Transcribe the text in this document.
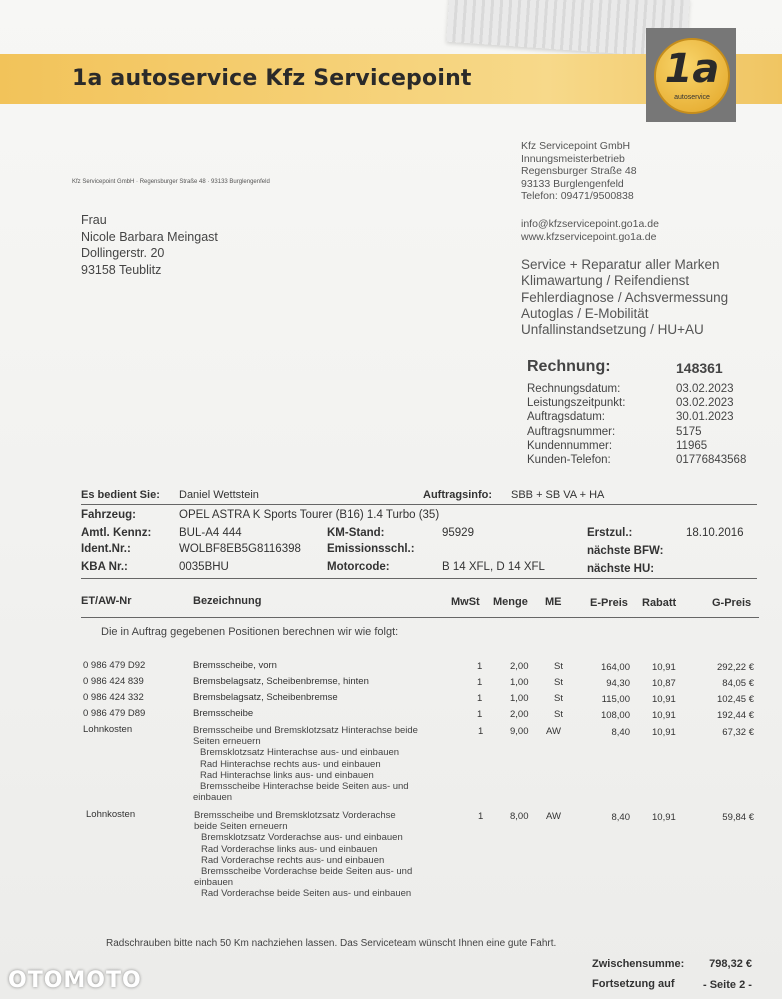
1a autoservice Kfz Servicepoint	1a
autoservice
Kfz Servicepoint GmbH · Regensburger Straße 48 · 93133 Burglengenfeld
Frau
Nicole Barbara Meingast
Dollingerstr. 20
93158 Teublitz
Kfz Servicepoint GmbH
Innungsmeisterbetrieb
Regensburger Straße 48
93133 Burglengenfeld
Telefon: 09471/9500838
info@kfzservicepoint.go1a.de
www.kfzservicepoint.go1a.de
Service + Reparatur aller Marken
Klimawartung / Reifendienst
Fehlerdiagnose / Achsvermessung
Autoglas / E-Mobilität
Unfallinstandsetzung / HU+AU
Rechnung:	148361
Rechnungsdatum:	03.02.2023
Leistungszeitpunkt:	03.02.2023
Auftragsdatum:	30.01.2023
Auftragsnummer:	5175
Kundennummer:	11965
Kunden-Telefon:	01776843568
Es bedient Sie: Daniel Wettstein	Auftragsinfo: SBB + SB VA + HA
Fahrzeug:	OPEL ASTRA K Sports Tourer (B16) 1.4 Turbo (35)
Amtl. Kennz: BUL-A4 444	KM-Stand:	95929	Erstzul.:	18.10.2016
Ident.Nr.:	WOLBF8EB5G8116398 Emissionsschl.:	nächste BFW:
KBA Nr.:	0035BHU	Motorcode:	B 14 XFL, D 14 XFL	nächste HU:
ET/AW-Nr	Bezeichnung	MwSt Menge ME	E-Preis Rabatt	G-Preis
Die in Auftrag gegebenen Positionen berechnen wir wie folgt:
0 986 479 D92	Bremsscheibe, vorn	1	2,00	St	164,00 10,91	292,22 €
0 986 424 839	Bremsbelagsatz, Scheibenbremse, hinten	1	1,00	St	94,30 10,87	84,05 €
0 986 424 332	Bremsbelagsatz, Scheibenbremse	1	1,00	St	115,00 10,91	102,45 €
0 986 479 D89	Bremsscheibe	1	2,00	St	108,00 10,91	192,44 €
Lohnkosten	Bremsscheibe und Bremsklotzsatz Hinterachse beide
Seiten erneuern
Bremsklotzsatz Hinterachse aus- und einbauen
Rad Hinterachse rechts aus- und einbauen
Rad Hinterachse links aus- und einbauen
Bremsscheibe Hinterachse beide Seiten aus- und
einbauen
1	9,00 AW	8,40 10,91	67,32 €
Lohnkosten	Bremsscheibe und Bremsklotzsatz Vorderachse
beide Seiten erneuern
Bremsklotzsatz Vorderachse aus- und einbauen
Rad Vorderachse links aus- und einbauen
Rad Vorderachse rechts aus- und einbauen
Bremsscheibe Vorderachse beide Seiten aus- und
einbauen
Rad Vorderachse beide Seiten aus- und einbauen
1	8,00 AW	8,40 10,91	59,84 €
Radschrauben bitte nach 50 Km nachziehen lassen. Das Serviceteam wünscht Ihnen eine gute Fahrt.
Zwischensumme:	798,32 €
Fortsetzung auf	- Seite 2 -
OTOMOTO
